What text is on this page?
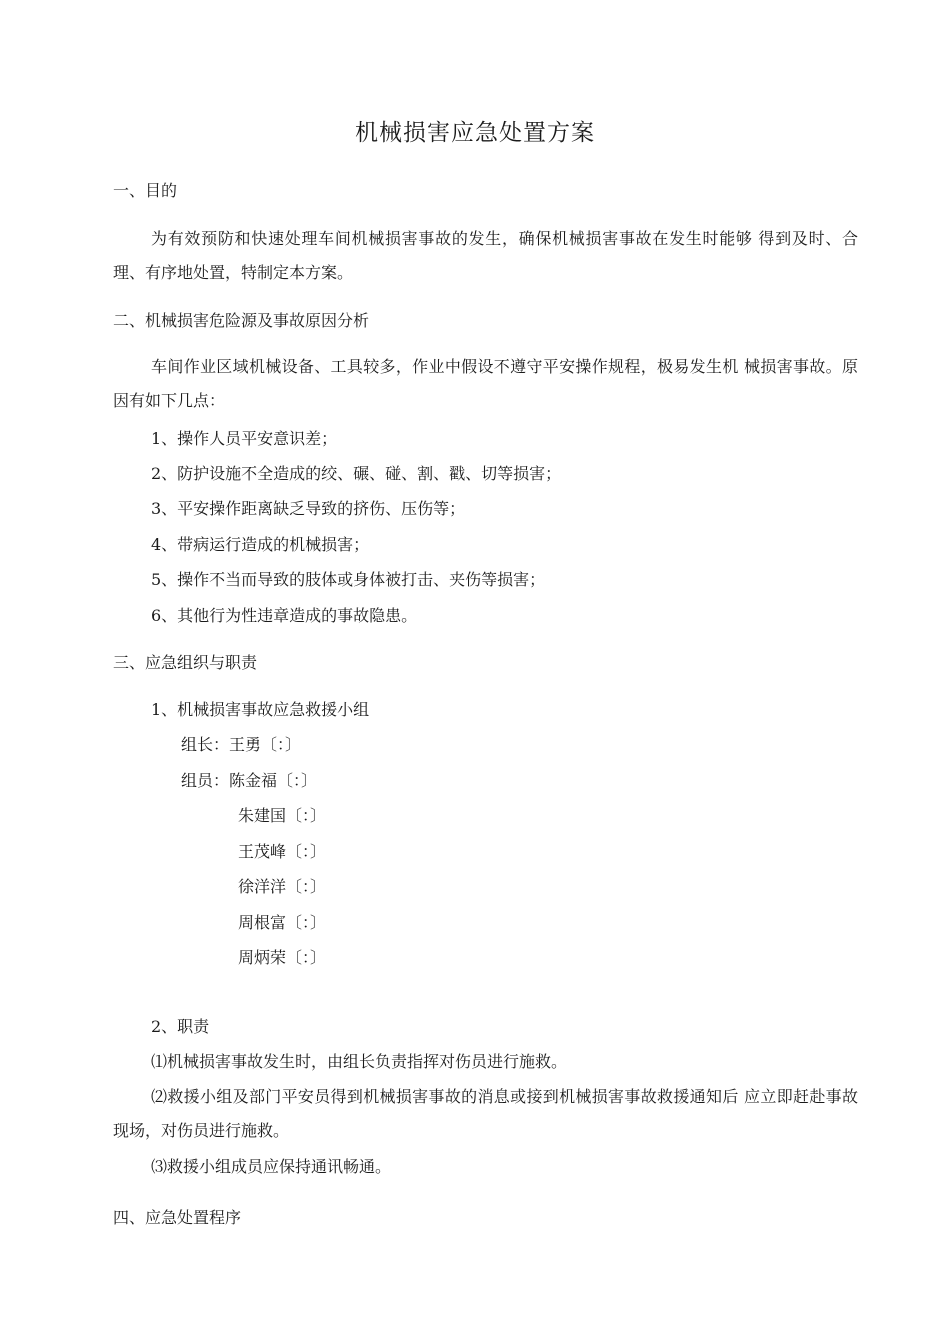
机械损害应急处置方案
一、目的
为有效预防和快速处理车间机械损害事故的发生，确保机械损害事故在发生时能够 得到及时、合理、有序地处置，特制定本方案。
二、机械损害危险源及事故原因分析
车间作业区域机械设备、工具较多，作业中假设不遵守平安操作规程，极易发生机 械损害事故。原因有如下几点：
1、操作人员平安意识差；
2、防护设施不全造成的绞、碾、碰、割、戳、切等损害；
3、平安操作距离缺乏导致的挤伤、压伤等；
4、带病运行造成的机械损害；
5、操作不当而导致的肢体或身体被打击、夹伤等损害；
6、其他行为性违章造成的事故隐患。
三、应急组织与职责
1、机械损害事故应急救援小组
组长：王勇〔：〕
组员：陈金福〔：〕
朱建国〔：〕
王茂峰〔：〕
徐洋洋〔：〕
周根富〔：〕
周炳荣〔：〕
2、职责
⑴机械损害事故发生时，由组长负责指挥对伤员进行施救。
⑵救援小组及部门平安员得到机械损害事故的消息或接到机械损害事故救援通知后 应立即赶赴事故现场，对伤员进行施救。
⑶救援小组成员应保持通讯畅通。
四、应急处置程序
